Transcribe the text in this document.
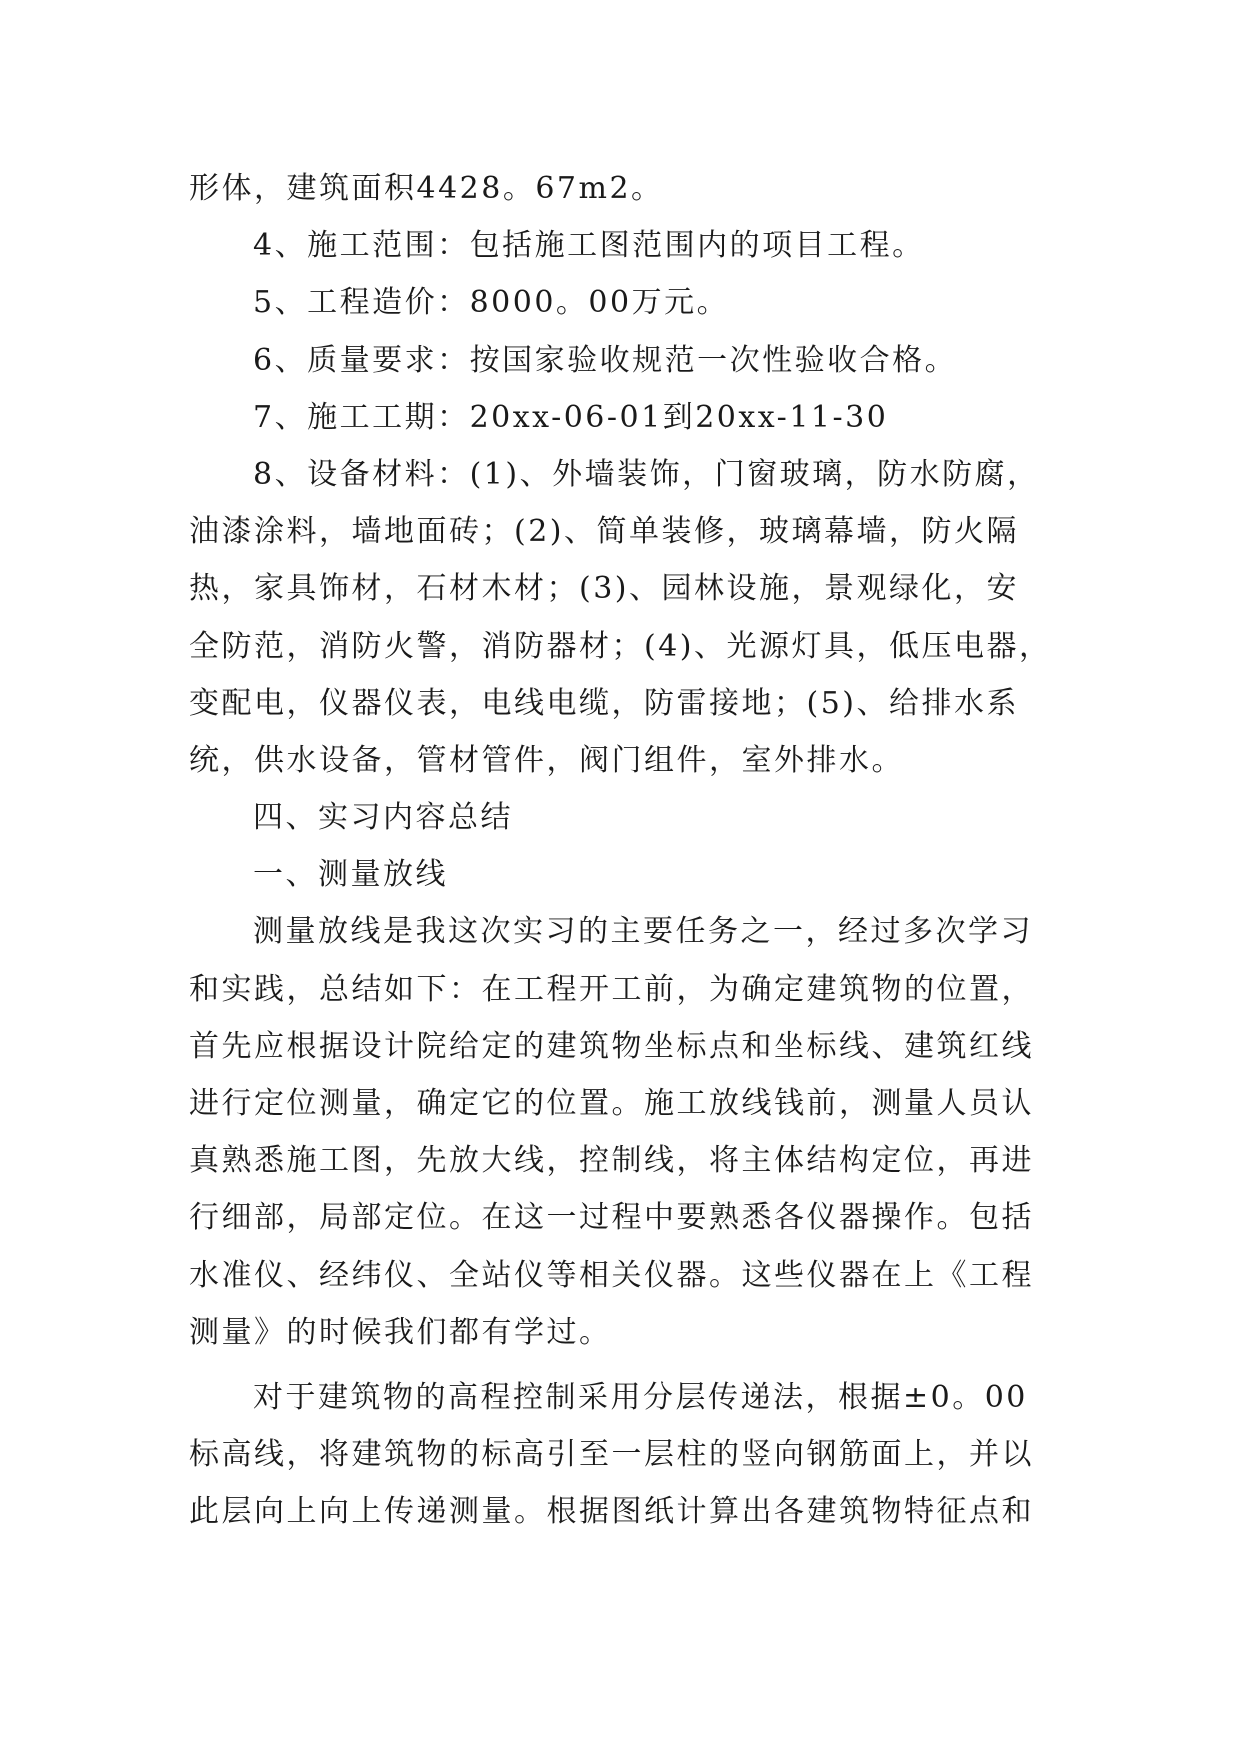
形体，建筑面积4428。67m2。
4、施工范围：包括施工图范围内的项目工程。
5、工程造价：8000。00万元。
6、质量要求：按国家验收规范一次性验收合格。
7、施工工期：20xx-06-01到20xx-11-30
8、设备材料：(1)、外墙装饰，门窗玻璃，防水防腐，
油漆涂料，墙地面砖；(2)、简单装修，玻璃幕墙，防火隔
热，家具饰材，石材木材；(3)、园林设施，景观绿化，安
全防范，消防火警，消防器材；(4)、光源灯具，低压电器，
变配电，仪器仪表，电线电缆，防雷接地；(5)、给排水系
统，供水设备，管材管件，阀门组件，室外排水。
四、实习内容总结
一、测量放线
测量放线是我这次实习的主要任务之一，经过多次学习
和实践，总结如下：在工程开工前，为确定建筑物的位置，
首先应根据设计院给定的建筑物坐标点和坐标线、建筑红线
进行定位测量，确定它的位置。施工放线钱前，测量人员认
真熟悉施工图，先放大线，控制线，将主体结构定位，再进
行细部，局部定位。在这一过程中要熟悉各仪器操作。包括
水准仪、经纬仪、全站仪等相关仪器。这些仪器在上《工程
测量》的时候我们都有学过。
对于建筑物的高程控制采用分层传递法，根据±0。00
标高线，将建筑物的标高引至一层柱的竖向钢筋面上，并以
此层向上向上传递测量。根据图纸计算出各建筑物特征点和
